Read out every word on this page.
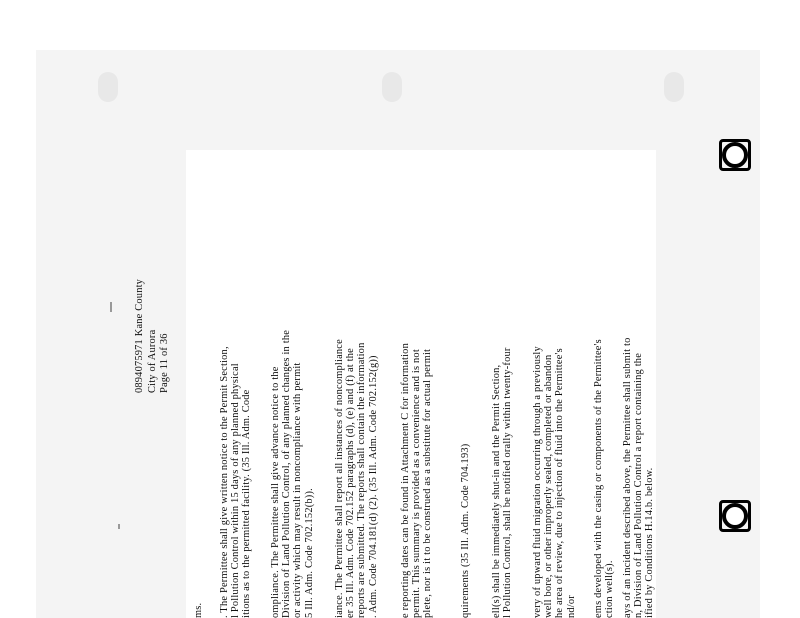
0894075971 Kane County City of Aurora Page 11 of 36
ms. . The Permittee shall give written notice to the Permit Section, l Pollution Control within 15 days of any planned physical itions as to the permitted facility. (35 Ill. Adm. Code ompliance. The Permittee shall give advance notice to the Division of Land Pollution Control, of any planned changes in the or activity which may result in noncompliance with permit 5 Ill. Adm. Code 702.152(b)). iance. The Permittee shall report all instances of noncompliance er 35 Ill. Adm. Code 702.152 paragraphs (d), (e) and (f) at the reports are submitted. The reports shall contain the information . Adm. Code 704.181(d) (2). (35 Ill. Adm. Code 702.152(g)) e reporting dates can be found in Attachment C for information permit. This summary is provided as a convenience and is not plete, nor is it to be construed as a substitute for actual permit	quirements (35 Ill. Adm. Code 704.193) ell(s) shall be immediately shut-in and the Permit Section, l Pollution Control, shall be notified orally within twenty-four very of upward fluid migration occurring through a previously well bore, or other improperly sealed, completed or abandon he area of review, due to injection of fluid into the Permittee's nd/or ems developed with the casing or components of the Permittee's ction well(s). ays of an incident described above, the Permittee shall submit to n, Division of Land Pollution Control a report containing the ified by Conditions H.14.b. below.
